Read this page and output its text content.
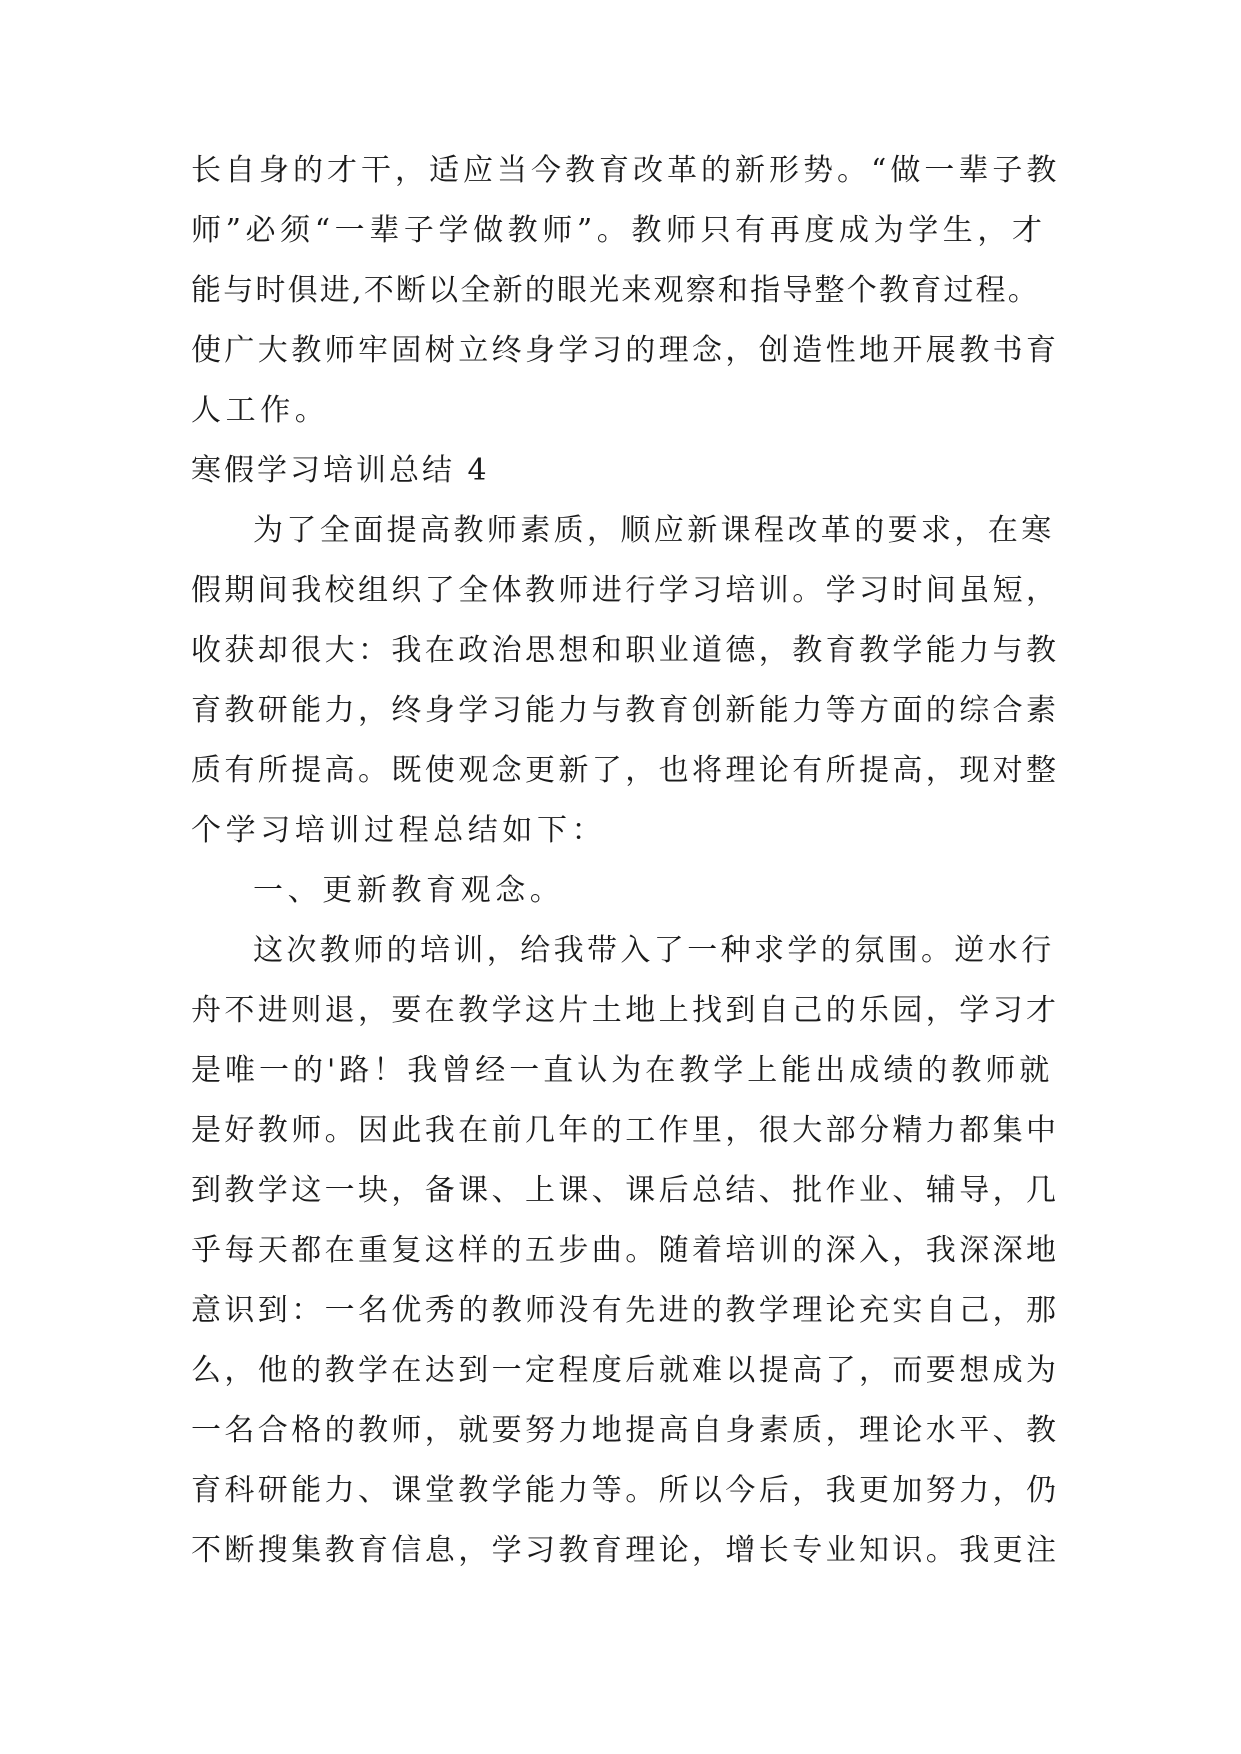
长自身的才干，适应当今教育改革的新形势。“做一辈子教
师”必须“一辈子学做教师”。教师只有再度成为学生，才
能与时俱进,不断以全新的眼光来观察和指导整个教育过程。
使广大教师牢固树立终身学习的理念，创造性地开展教书育
人工作。
寒假学习培训总结 4
为了全面提高教师素质，顺应新课程改革的要求，在寒
假期间我校组织了全体教师进行学习培训。学习时间虽短，
收获却很大：我在政治思想和职业道德，教育教学能力与教
育教研能力，终身学习能力与教育创新能力等方面的综合素
质有所提高。既使观念更新了，也将理论有所提高，现对整
个学习培训过程总结如下：
一、更新教育观念。
这次教师的培训，给我带入了一种求学的氛围。逆水行
舟不进则退，要在教学这片土地上找到自己的乐园，学习才
是唯一的'路！我曾经一直认为在教学上能出成绩的教师就
是好教师。因此我在前几年的工作里，很大部分精力都集中
到教学这一块，备课、上课、课后总结、批作业、辅导，几
乎每天都在重复这样的五步曲。随着培训的深入，我深深地
意识到：一名优秀的教师没有先进的教学理论充实自己，那
么，他的教学在达到一定程度后就难以提高了，而要想成为
一名合格的教师，就要努力地提高自身素质，理论水平、教
育科研能力、课堂教学能力等。所以今后，我更加努力，仍
不断搜集教育信息，学习教育理论，增长专业知识。我更注
